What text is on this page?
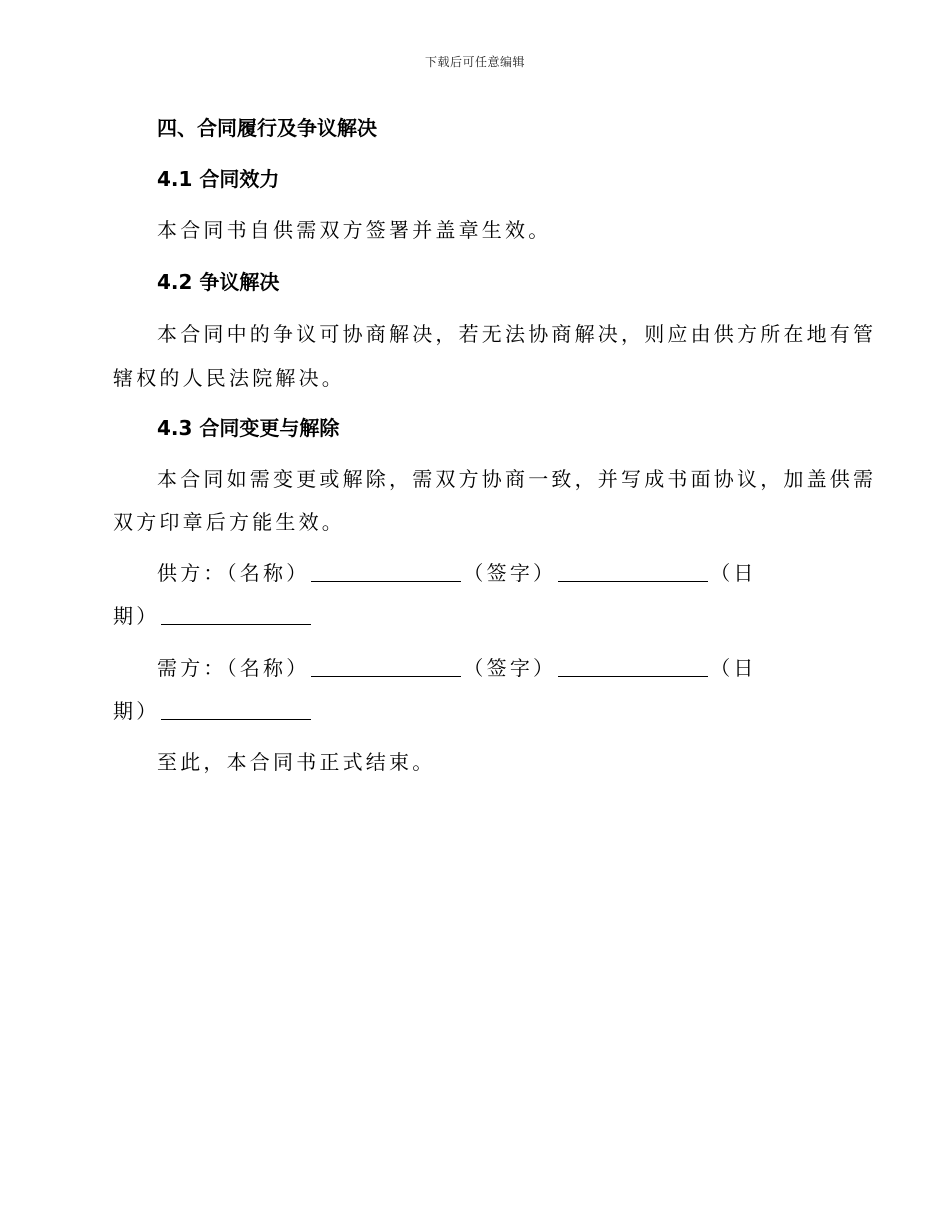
下载后可任意编辑
四、合同履行及争议解决
4.1 合同效力
本合同书自供需双方签署并盖章生效。
4.2 争议解决
本合同中的争议可协商解决，若无法协商解决，则应由供方所在地有管
辖权的人民法院解决。
4.3 合同变更与解除
本合同如需变更或解除，需双方协商一致，并写成书面协议，加盖供需
双方印章后方能生效。
供方：（名称）	（签字）	（日
期）
需方：（名称）	（签字）	（日
期）
至此，本合同书正式结束。
